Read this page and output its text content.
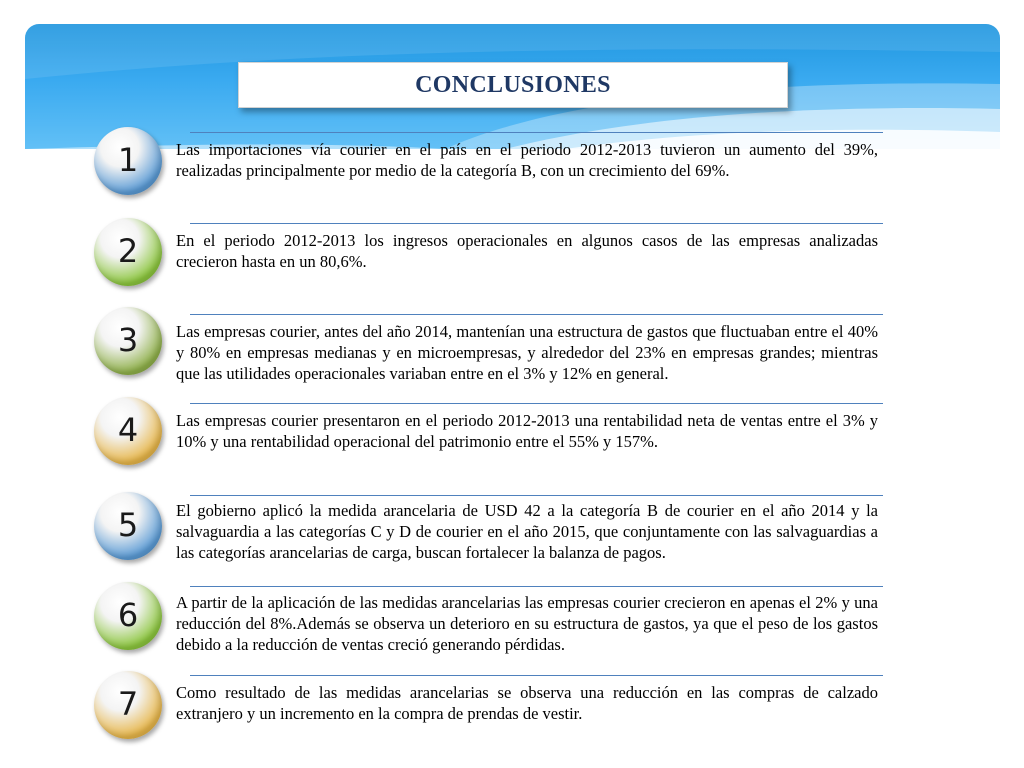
CONCLUSIONES
1	Las importaciones vía courier en el país en el periodo 2012-2013 tuvieron un aumento del 39%, realizadas principalmente por medio de la categoría B, con un crecimiento del 69%.
2	En el periodo 2012-2013 los ingresos operacionales en algunos casos de las empresas analizadas crecieron hasta en un 80,6%.
3	Las empresas courier, antes del año 2014, mantenían una estructura de gastos que fluctuaban entre el 40% y 80% en empresas medianas y en microempresas, y alrededor del 23% en empresas grandes; mientras que las utilidades operacionales variaban entre en el 3% y 12% en general.
4	Las empresas courier presentaron en el periodo 2012-2013 una rentabilidad neta de ventas entre el 3% y 10% y una rentabilidad operacional del patrimonio entre el 55% y 157%.
5	El gobierno aplicó la medida arancelaria de USD 42 a la categoría B de courier en el año 2014 y la salvaguardia a las categorías C y D de courier en el año 2015, que conjuntamente con las salvaguardias a las categorías arancelarias de carga, buscan fortalecer la balanza de pagos.
6	A partir de la aplicación de las medidas arancelarias las empresas courier crecieron en apenas el 2% y una reducción del 8%.Además se observa un deterioro en su estructura de gastos, ya que el peso de los gastos debido a la reducción de ventas creció generando pérdidas.
7	Como resultado de las medidas arancelarias se observa una reducción en las compras de calzado extranjero y un incremento en la compra de prendas de vestir.
